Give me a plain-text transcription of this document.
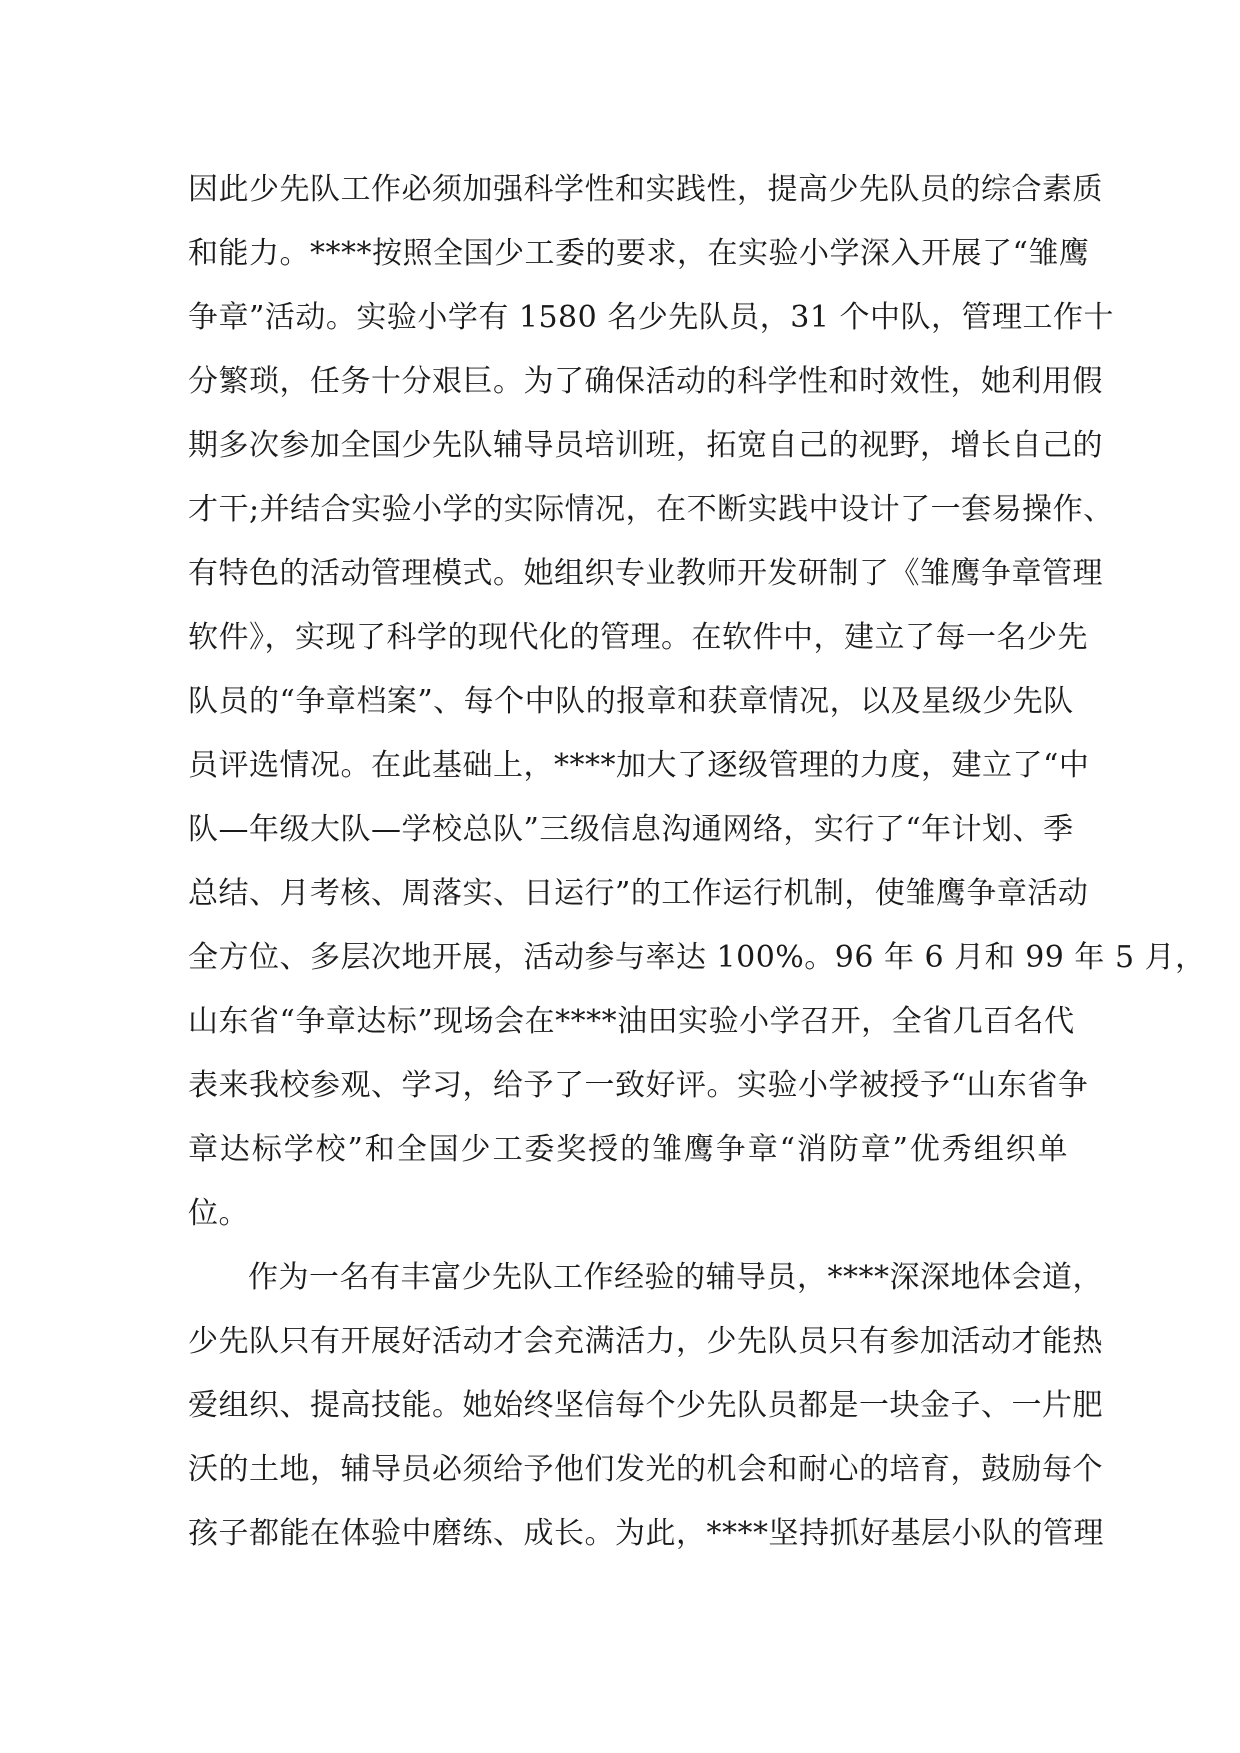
因此少先队工作必须加强科学性和实践性，提高少先队员的综合素质
和能力。****按照全国少工委的要求，在实验小学深入开展了“雏鹰
争章”活动。实验小学有 1580 名少先队员，31 个中队，管理工作十
分繁琐，任务十分艰巨。为了确保活动的科学性和时效性，她利用假
期多次参加全国少先队辅导员培训班，拓宽自己的视野，增长自己的
才干;并结合实验小学的实际情况，在不断实践中设计了一套易操作、
有特色的活动管理模式。她组织专业教师开发研制了《雏鹰争章管理
软件》，实现了科学的现代化的管理。在软件中，建立了每一名少先
队员的“争章档案”、每个中队的报章和获章情况，以及星级少先队
员评选情况。在此基础上，****加大了逐级管理的力度，建立了“中
队—年级大队—学校总队”三级信息沟通网络，实行了“年计划、季
总结、月考核、周落实、日运行”的工作运行机制，使雏鹰争章活动
全方位、多层次地开展，活动参与率达 100%。96 年 6 月和 99 年 5 月，
山东省“争章达标”现场会在****油田实验小学召开，全省几百名代
表来我校参观、学习，给予了一致好评。实验小学被授予“山东省争
章达标学校”和全国少工委奖授的雏鹰争章“消防章”优秀组织单
位。
作为一名有丰富少先队工作经验的辅导员，****深深地体会道，
少先队只有开展好活动才会充满活力，少先队员只有参加活动才能热
爱组织、提高技能。她始终坚信每个少先队员都是一块金子、一片肥
沃的土地，辅导员必须给予他们发光的机会和耐心的培育，鼓励每个
孩子都能在体验中磨练、成长。为此，****坚持抓好基层小队的管理
